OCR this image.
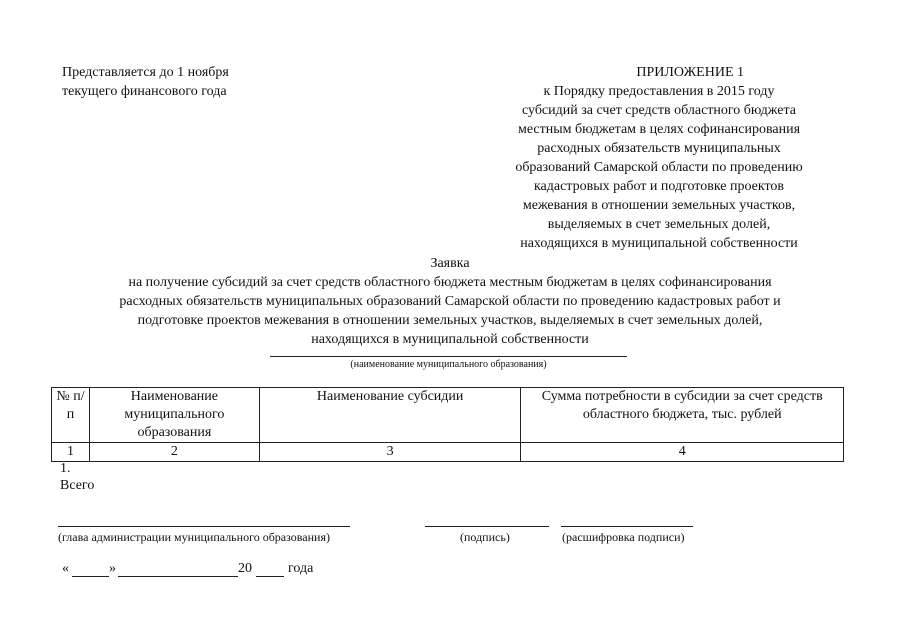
Представляется до 1 ноября
текущего финансового года
ПРИЛОЖЕНИЕ 1
к Порядку предоставления в 2015 году
субсидий за счет средств областного бюджета
местным бюджетам в целях софинансирования
расходных обязательств муниципальных
образований Самарской области по проведению
кадастровых работ и подготовке проектов
межевания в отношении земельных участков,
выделяемых в счет земельных долей,
находящихся в муниципальной собственности
Заявка
на получение субсидий за счет средств областного бюджета местным бюджетам в целях софинансирования
расходных обязательств муниципальных образований Самарской области по проведению кадастровых работ и
подготовке проектов межевания в отношении земельных участков, выделяемых в счет земельных долей,
находящихся в муниципальной собственности
(наименование муниципального образования)
№ п/п	Наименование муниципального образования	Наименование субсидии	Сумма потребности в субсидии за счет средств областного бюджета, тыс. рублей
1	2	3	4
1.
Всего
(глава администрации муниципального образования)	(подпись)	(расшифровка подписи)
«	»	20	года
